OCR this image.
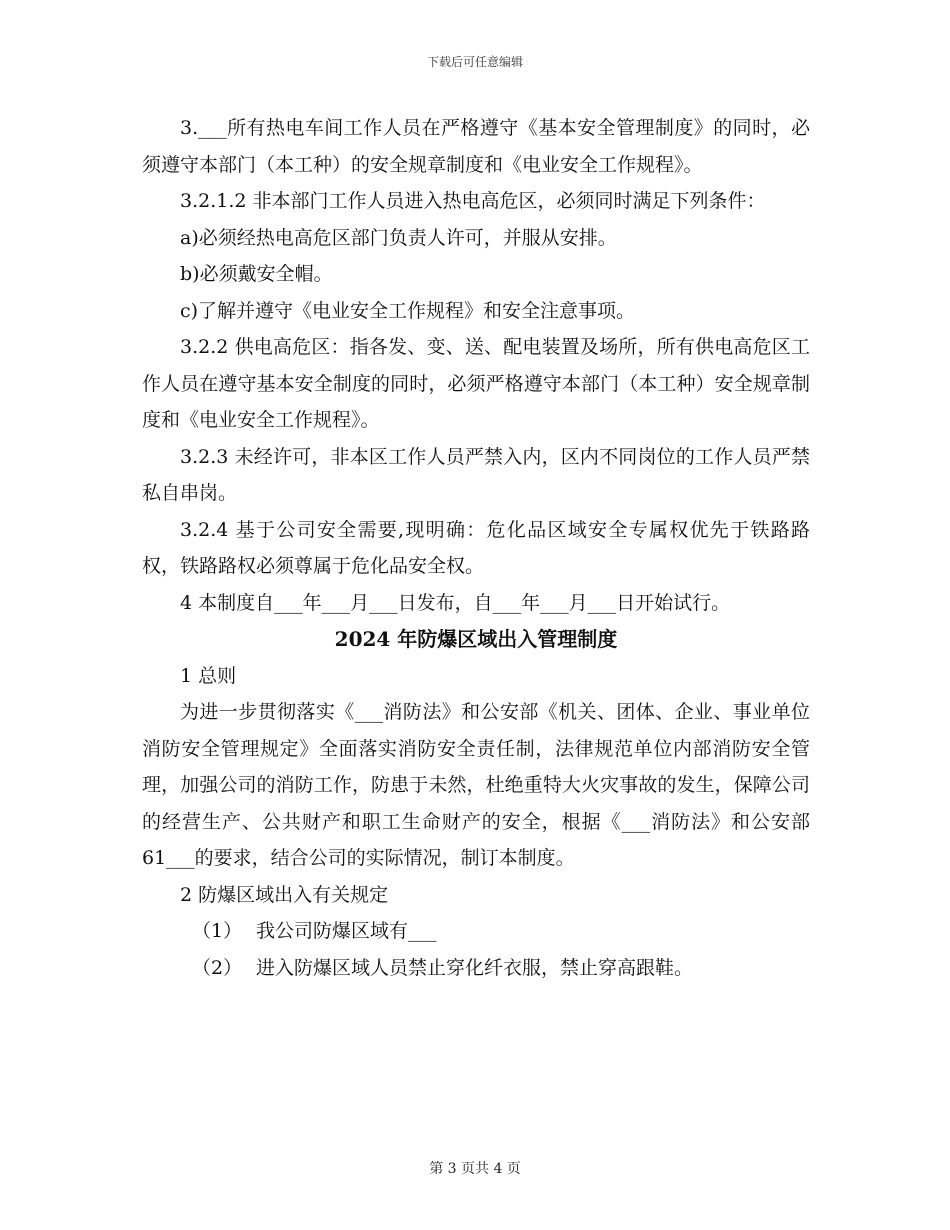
下载后可任意编辑

3.___所有热电车间工作人员在严格遵守《基本安全管理制度》的同时，必须遵守本部门（本工种）的安全规章制度和《电业安全工作规程》。

3.2.1.2 非本部门工作人员进入热电高危区，必须同时满足下列条件：

a)必须经热电高危区部门负责人许可，并服从安排。

b)必须戴安全帽。

c)了解并遵守《电业安全工作规程》和安全注意事项。

3.2.2 供电高危区：指各发、变、送、配电装置及场所，所有供电高危区工作人员在遵守基本安全制度的同时，必须严格遵守本部门（本工种）安全规章制度和《电业安全工作规程》。

3.2.3 未经许可，非本区工作人员严禁入内，区内不同岗位的工作人员严禁私自串岗。

3.2.4 基于公司安全需要,现明确：危化品区域安全专属权优先于铁路路权，铁路路权必须尊属于危化品安全权。

4 本制度自___年___月___日发布，自___年___月___日开始试行。

2024 年防爆区域出入管理制度

1 总则

为进一步贯彻落实《___消防法》和公安部《机关、团体、企业、事业单位消防安全管理规定》全面落实消防安全责任制，法律规范单位内部消防安全管理，加强公司的消防工作，防患于未然，杜绝重特大火灾事故的发生，保障公司的经营生产、公共财产和职工生命财产的安全，根据《___消防法》和公安部 61___的要求，结合公司的实际情况，制订本制度。

2 防爆区域出入有关规定

（1） 我公司防爆区域有___

（2） 进入防爆区域人员禁止穿化纤衣服，禁止穿高跟鞋。

第 3 页共 4 页
